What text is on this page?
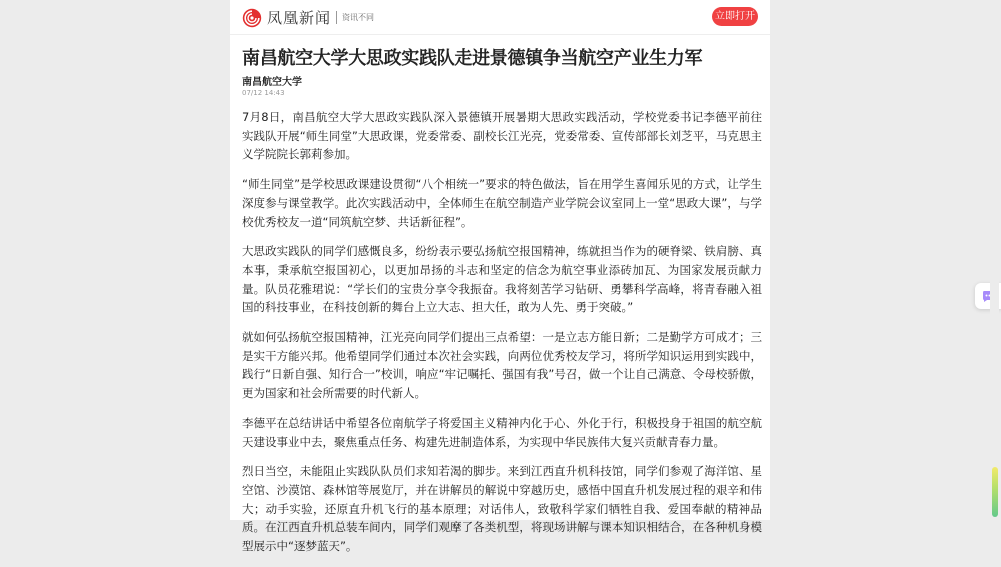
凤凰新闻 资讯不同	立即打开
南昌航空大学大思政实践队走进景德镇争当航空产业生力军
南昌航空大学
07/12 14:43

7月8日，南昌航空大学大思政实践队深入景德镇开展暑期大思政实践活动，学校党委书记李德平前往实践队开展“师生同堂”大思政课，党委常委、副校长江光亮，党委常委、宣传部部长刘芝平，马克思主义学院院长郭莉参加。

“师生同堂”是学校思政课建设贯彻“八个相统一”要求的特色做法，旨在用学生喜闻乐见的方式，让学生深度参与课堂教学。此次实践活动中，全体师生在航空制造产业学院会议室同上一堂“思政大课”，与学校优秀校友一道“同筑航空梦、共话新征程”。

大思政实践队的同学们感慨良多，纷纷表示要弘扬航空报国精神，练就担当作为的硬脊梁、铁肩膀、真本事，秉承航空报国初心，以更加昂扬的斗志和坚定的信念为航空事业添砖加瓦、为国家发展贡献力量。队员花雅珺说：“学长们的宝贵分享令我振奋。我将刻苦学习钻研、勇攀科学高峰，将青春融入祖国的科技事业，在科技创新的舞台上立大志、担大任，敢为人先、勇于突破。”

就如何弘扬航空报国精神，江光亮向同学们提出三点希望：一是立志方能日新；二是勤学方可成才；三是实干方能兴邦。他希望同学们通过本次社会实践，向两位优秀校友学习，将所学知识运用到实践中，践行“日新自强、知行合一”校训，响应“牢记嘱托、强国有我”号召，做一个让自己满意、令母校骄傲，更为国家和社会所需要的时代新人。

李德平在总结讲话中希望各位南航学子将爱国主义精神内化于心、外化于行，积极投身于祖国的航空航天建设事业中去，聚焦重点任务、构建先进制造体系，为实现中华民族伟大复兴贡献青春力量。

烈日当空，未能阻止实践队队员们求知若渴的脚步。来到江西直升机科技馆，同学们参观了海洋馆、星空馆、沙漠馆、森林馆等展览厅，并在讲解员的解说中穿越历史，感悟中国直升机发展过程的艰辛和伟大；动手实验，还原直升机飞行的基本原理；对话伟人，致敬科学家们牺牲自我、爱国奉献的精神品质。在江西直升机总装车间内，同学们观摩了各类机型，将现场讲解与课本知识相结合，在各种机身模型展示中“逐梦蓝天”。
